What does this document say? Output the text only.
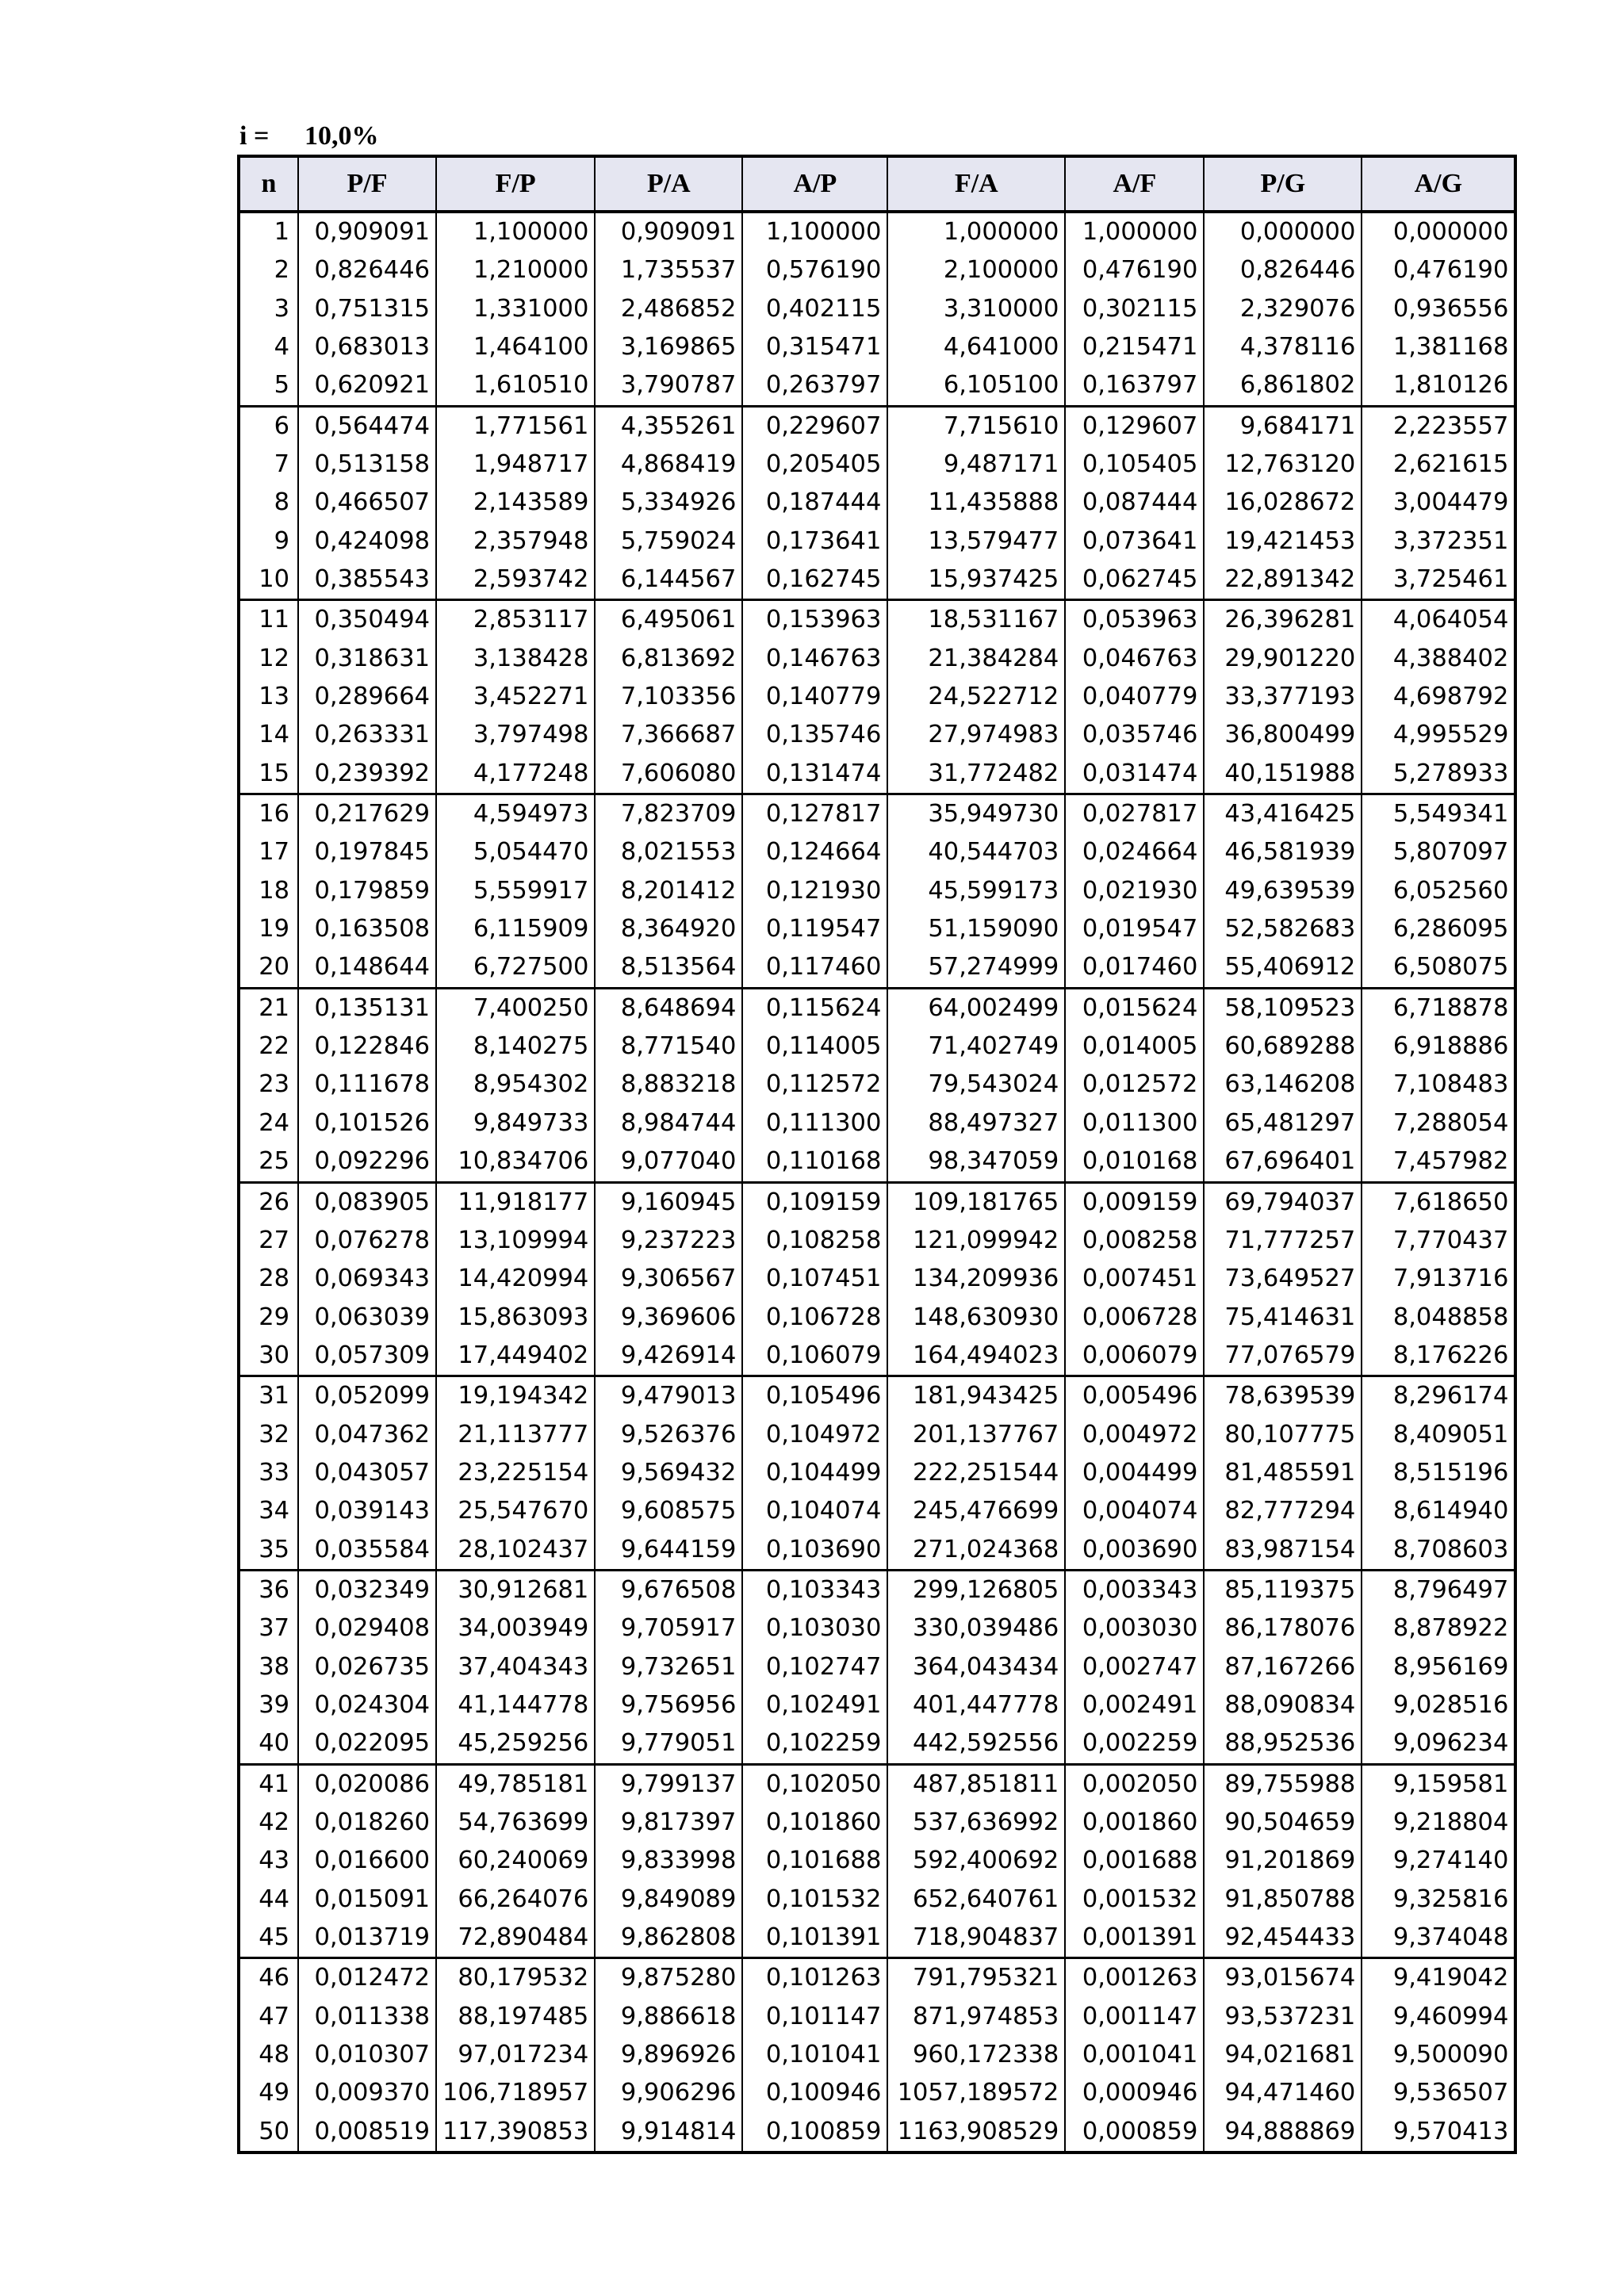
i =	10,0%
n	P/F	F/P	P/A	A/P	F/A	A/F	P/G	A/G
1	0,909091	1,100000	0,909091	1,100000	1,000000	1,000000	0,000000	0,000000
2	0,826446	1,210000	1,735537	0,576190	2,100000	0,476190	0,826446	0,476190
3	0,751315	1,331000	2,486852	0,402115	3,310000	0,302115	2,329076	0,936556
4	0,683013	1,464100	3,169865	0,315471	4,641000	0,215471	4,378116	1,381168
5	0,620921	1,610510	3,790787	0,263797	6,105100	0,163797	6,861802	1,810126
6	0,564474	1,771561	4,355261	0,229607	7,715610	0,129607	9,684171	2,223557
7	0,513158	1,948717	4,868419	0,205405	9,487171	0,105405	12,763120	2,621615
8	0,466507	2,143589	5,334926	0,187444	11,435888	0,087444	16,028672	3,004479
9	0,424098	2,357948	5,759024	0,173641	13,579477	0,073641	19,421453	3,372351
10	0,385543	2,593742	6,144567	0,162745	15,937425	0,062745	22,891342	3,725461
11	0,350494	2,853117	6,495061	0,153963	18,531167	0,053963	26,396281	4,064054
12	0,318631	3,138428	6,813692	0,146763	21,384284	0,046763	29,901220	4,388402
13	0,289664	3,452271	7,103356	0,140779	24,522712	0,040779	33,377193	4,698792
14	0,263331	3,797498	7,366687	0,135746	27,974983	0,035746	36,800499	4,995529
15	0,239392	4,177248	7,606080	0,131474	31,772482	0,031474	40,151988	5,278933
16	0,217629	4,594973	7,823709	0,127817	35,949730	0,027817	43,416425	5,549341
17	0,197845	5,054470	8,021553	0,124664	40,544703	0,024664	46,581939	5,807097
18	0,179859	5,559917	8,201412	0,121930	45,599173	0,021930	49,639539	6,052560
19	0,163508	6,115909	8,364920	0,119547	51,159090	0,019547	52,582683	6,286095
20	0,148644	6,727500	8,513564	0,117460	57,274999	0,017460	55,406912	6,508075
21	0,135131	7,400250	8,648694	0,115624	64,002499	0,015624	58,109523	6,718878
22	0,122846	8,140275	8,771540	0,114005	71,402749	0,014005	60,689288	6,918886
23	0,111678	8,954302	8,883218	0,112572	79,543024	0,012572	63,146208	7,108483
24	0,101526	9,849733	8,984744	0,111300	88,497327	0,011300	65,481297	7,288054
25	0,092296	10,834706	9,077040	0,110168	98,347059	0,010168	67,696401	7,457982
26	0,083905	11,918177	9,160945	0,109159	109,181765	0,009159	69,794037	7,618650
27	0,076278	13,109994	9,237223	0,108258	121,099942	0,008258	71,777257	7,770437
28	0,069343	14,420994	9,306567	0,107451	134,209936	0,007451	73,649527	7,913716
29	0,063039	15,863093	9,369606	0,106728	148,630930	0,006728	75,414631	8,048858
30	0,057309	17,449402	9,426914	0,106079	164,494023	0,006079	77,076579	8,176226
31	0,052099	19,194342	9,479013	0,105496	181,943425	0,005496	78,639539	8,296174
32	0,047362	21,113777	9,526376	0,104972	201,137767	0,004972	80,107775	8,409051
33	0,043057	23,225154	9,569432	0,104499	222,251544	0,004499	81,485591	8,515196
34	0,039143	25,547670	9,608575	0,104074	245,476699	0,004074	82,777294	8,614940
35	0,035584	28,102437	9,644159	0,103690	271,024368	0,003690	83,987154	8,708603
36	0,032349	30,912681	9,676508	0,103343	299,126805	0,003343	85,119375	8,796497
37	0,029408	34,003949	9,705917	0,103030	330,039486	0,003030	86,178076	8,878922
38	0,026735	37,404343	9,732651	0,102747	364,043434	0,002747	87,167266	8,956169
39	0,024304	41,144778	9,756956	0,102491	401,447778	0,002491	88,090834	9,028516
40	0,022095	45,259256	9,779051	0,102259	442,592556	0,002259	88,952536	9,096234
41	0,020086	49,785181	9,799137	0,102050	487,851811	0,002050	89,755988	9,159581
42	0,018260	54,763699	9,817397	0,101860	537,636992	0,001860	90,504659	9,218804
43	0,016600	60,240069	9,833998	0,101688	592,400692	0,001688	91,201869	9,274140
44	0,015091	66,264076	9,849089	0,101532	652,640761	0,001532	91,850788	9,325816
45	0,013719	72,890484	9,862808	0,101391	718,904837	0,001391	92,454433	9,374048
46	0,012472	80,179532	9,875280	0,101263	791,795321	0,001263	93,015674	9,419042
47	0,011338	88,197485	9,886618	0,101147	871,974853	0,001147	93,537231	9,460994
48	0,010307	97,017234	9,896926	0,101041	960,172338	0,001041	94,021681	9,500090
49	0,009370	106,718957	9,906296	0,100946	1057,189572	0,000946	94,471460	9,536507
50	0,008519	117,390853	9,914814	0,100859	1163,908529	0,000859	94,888869	9,570413
